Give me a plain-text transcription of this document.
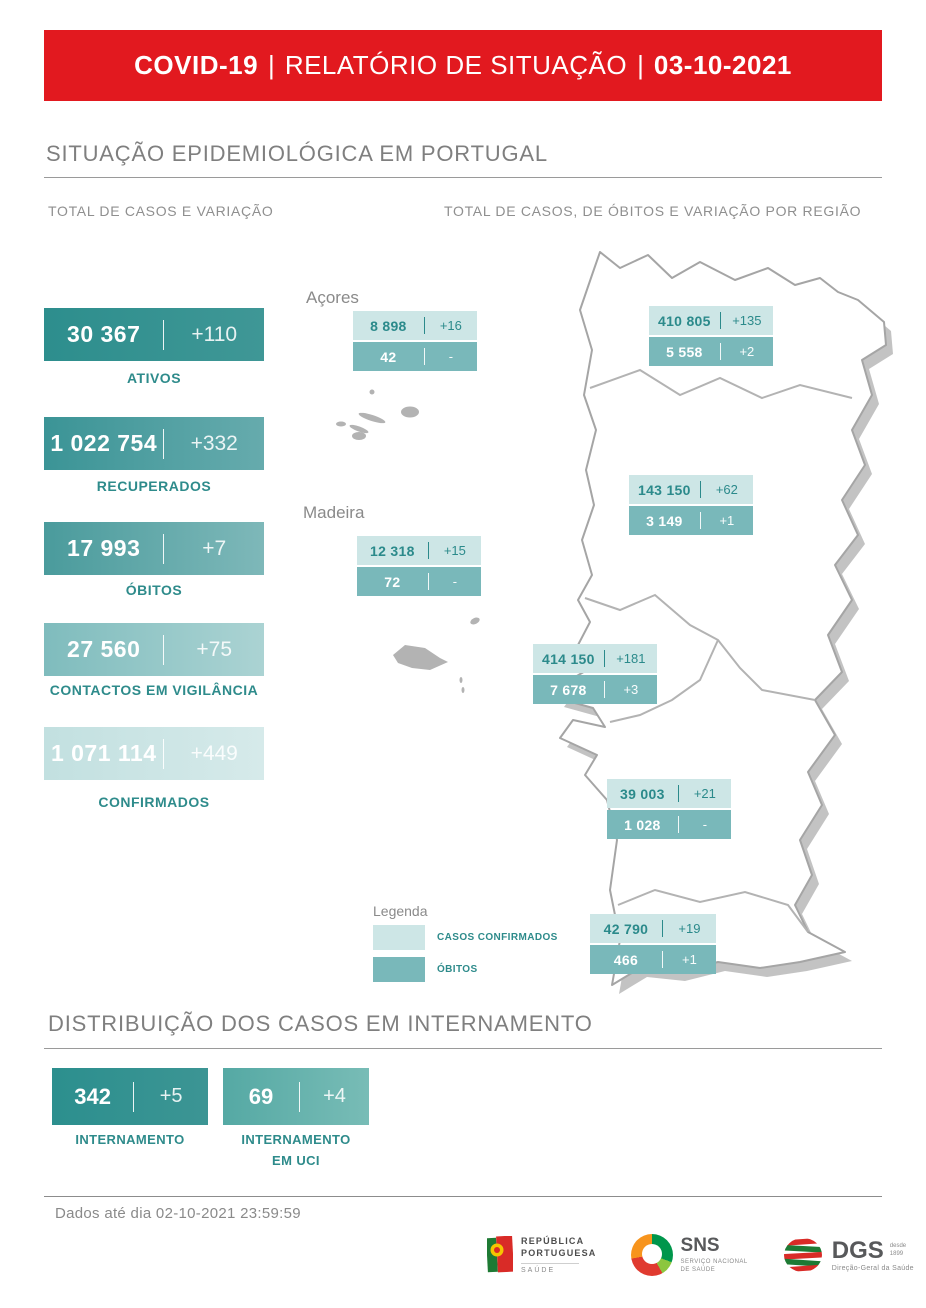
COVID-19 | RELATÓRIO DE SITUAÇÃO | 03-10-2021
SITUAÇÃO EPIDEMIOLÓGICA EM PORTUGAL
TOTAL DE CASOS E VARIAÇÃO	TOTAL DE CASOS, DE ÓBITOS E VARIAÇÃO POR REGIÃO
30 367	+110
ATIVOS
1 022 754	+332
RECUPERADOS
17 993	+7
ÓBITOS
27 560	+75
CONTACTOS EM VIGILÂNCIA
1 071 114	+449
CONFIRMADOS
Açores
Madeira
8 898	+16
42	-
410 805	+135
5 558	+2
143 150	+62
3 149	+1
12 318	+15
72	-
414 150	+181
7 678	+3
39 003	+21
1 028	-
42 790	+19
466	+1
Legenda
CASOS CONFIRMADOS
ÓBITOS
DISTRIBUIÇÃO DOS CASOS EM INTERNAMENTO
342	+5
INTERNAMENTO
69	+4
INTERNAMENTO EM UCI
Dados até dia 02-10-2021 23:59:59
REPÚBLICA
PORTUGUESA
SAÚDE
SNS
SERVIÇO NACIONAL
DE SAÚDE
DGS desde
1899
Direção-Geral da Saúde
